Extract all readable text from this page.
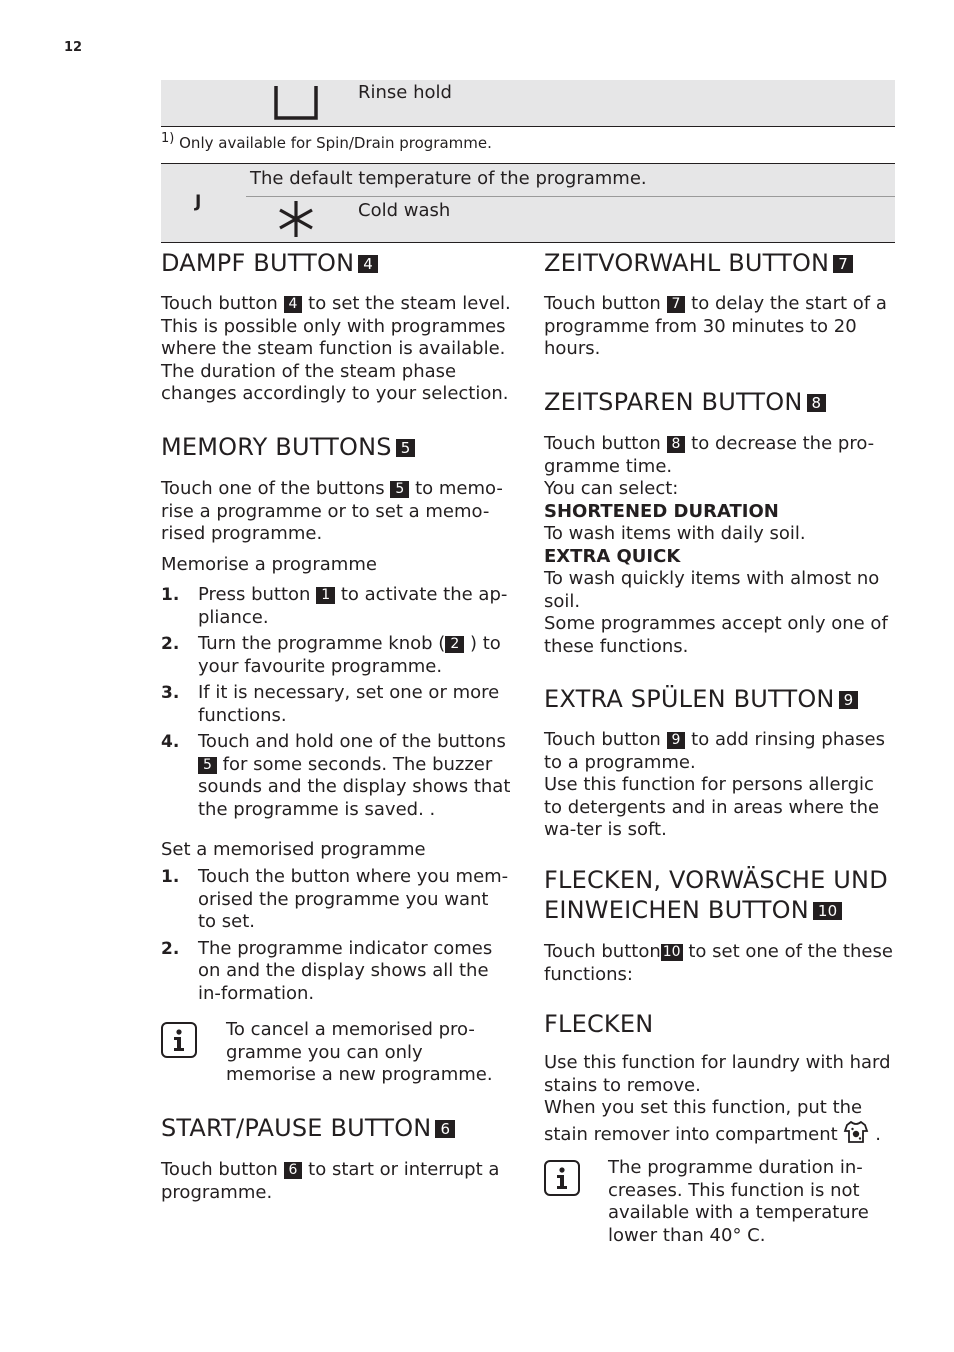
12
Rinse hold
$^{1)}$ Only available for Spin/Drain programme.
J
The default temperature of the programme.
Cold wash
DAMPF BUTTON 4
Touch button 4 to set the steam level. This is possible only with programmes where the steam function is available. The duration of the steam phase changes accordingly to your selection.
MEMORY BUTTONS 5
Touch one of the buttons 5 to memo- rise a programme or to set a memo-rised programme.
Memorise a programme
1. Press button 1 to activate the ap-pliance.
2. Turn the programme knob ( 2 ) to your favourite programme.
3. If it is necessary, set one or more functions.
4. Touch and hold one of the buttons 5 for some seconds. The buzzer sounds and the display shows that the programme is saved. .
Set a memorised programme
1. Touch the button where you mem-orised the programme you want to set.
2. The programme indicator comes on and the display shows all the in-formation.
To cancel a memorised pro-gramme you can only memorise a new programme.
START/PAUSE BUTTON 6
Touch button 6 to start or interrupt a programme.
ZEITVORWAHL BUTTON 7
Touch button 7 to delay the start of a programme from 30 minutes to 20 hours.
ZEITSPAREN BUTTON 8
Touch button 8 to decrease the pro-gramme time.
You can select:
SHORTENED DURATION
To wash items with daily soil.
EXTRA QUICK
To wash quickly items with almost no soil.
Some programmes accept only one of these functions.
EXTRA SPÜLEN BUTTON 9
Touch button 9 to add rinsing phases to a programme.
Use this function for persons allergic to detergents and in areas where the wa-ter is soft.
FLECKEN, VORWÄSCHE UND
EINWEICHEN BUTTON 10
Touch button 10 to set one of the these functions:
FLECKEN
Use this function for laundry with hard stains to remove.
When you set this function, put the stain remover into compartment .
The programme duration in-creases. This function is not available with a temperature lower than 40° C.
